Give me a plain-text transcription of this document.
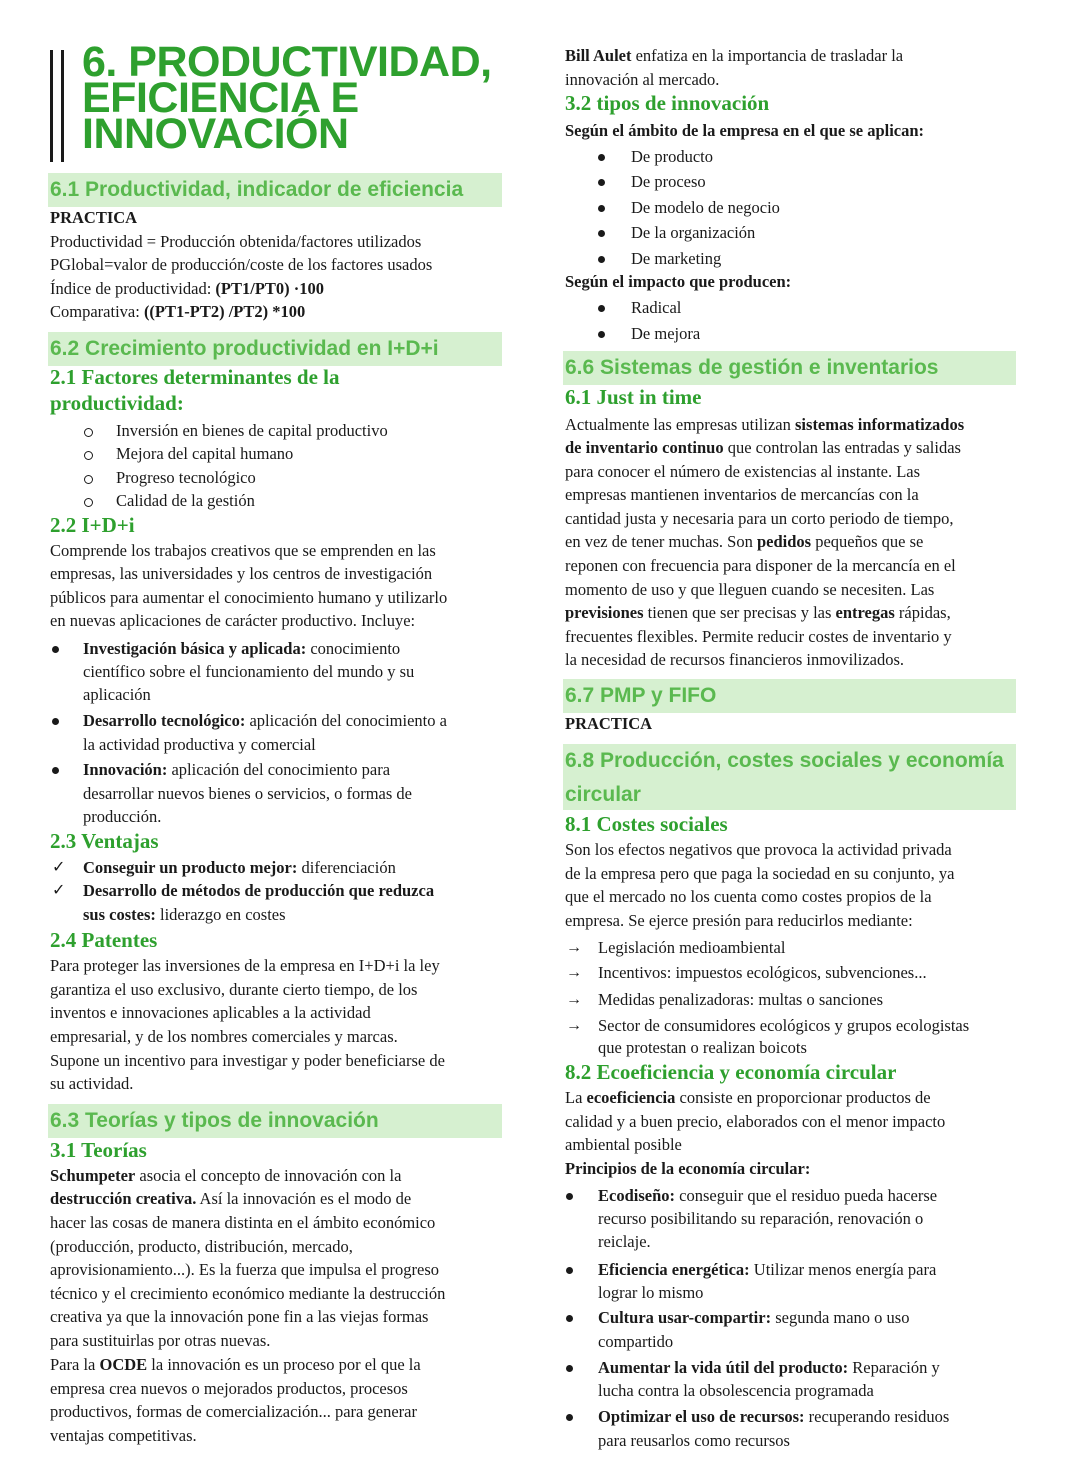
6. PRODUCTIVIDAD,
EFICIENCIA E
INNOVACIÓN
6.1 Productividad, indicador de eficiencia
PRACTICA
Productividad = Producción obtenida/factores utilizados
PGlobal=valor de producción/coste de los factores usados
Índice de productividad: (PT1/PT0) ·100
Comparativa: ((PT1-PT2) /PT2) *100
6.2 Crecimiento productividad en I+D+i
2.1 Factores determinantes de la
productividad:
Inversión en bienes de capital productivo
Mejora del capital humano
Progreso tecnológico
Calidad de la gestión
2.2 I+D+i
Comprende los trabajos creativos que se emprenden en las
empresas, las universidades y los centros de investigación
públicos para aumentar el conocimiento humano y utilizarlo
en nuevas aplicaciones de carácter productivo. Incluye:
Investigación básica y aplicada: conocimiento
científico sobre el funcionamiento del mundo y su
aplicación
Desarrollo tecnológico: aplicación del conocimiento a
la actividad productiva y comercial
Innovación: aplicación del conocimiento para
desarrollar nuevos bienes o servicios, o formas de
producción.
2.3 Ventajas
✓ Conseguir un producto mejor: diferenciación
✓ Desarrollo de métodos de producción que reduzca
sus costes: liderazgo en costes
2.4 Patentes
Para proteger las inversiones de la empresa en I+D+i la ley
garantiza el uso exclusivo, durante cierto tiempo, de los
inventos e innovaciones aplicables a la actividad
empresarial, y de los nombres comerciales y marcas.
Supone un incentivo para investigar y poder beneficiarse de
su actividad.
6.3 Teorías y tipos de innovación
3.1 Teorías
Schumpeter asocia el concepto de innovación con la
destrucción creativa. Así la innovación es el modo de
hacer las cosas de manera distinta en el ámbito económico
(producción, producto, distribución, mercado,
aprovisionamiento...). Es la fuerza que impulsa el progreso
técnico y el crecimiento económico mediante la destrucción
creativa ya que la innovación pone fin a las viejas formas
para sustituirlas por otras nuevas.
Para la OCDE la innovación es un proceso por el que la
empresa crea nuevos o mejorados productos, procesos
productivos, formas de comercialización... para generar
ventajas competitivas.
Bill Aulet enfatiza en la importancia de trasladar la
innovación al mercado.
3.2 tipos de innovación
Según el ámbito de la empresa en el que se aplican:
De producto
De proceso
De modelo de negocio
De la organización
De marketing
Según el impacto que producen:
Radical
De mejora
6.6 Sistemas de gestión e inventarios
6.1 Just in time
Actualmente las empresas utilizan sistemas informatizados
de inventario continuo que controlan las entradas y salidas
para conocer el número de existencias al instante. Las
empresas mantienen inventarios de mercancías con la
cantidad justa y necesaria para un corto periodo de tiempo,
en vez de tener muchas. Son pedidos pequeños que se
reponen con frecuencia para disponer de la mercancía en el
momento de uso y que lleguen cuando se necesiten. Las
previsiones tienen que ser precisas y las entregas rápidas,
frecuentes flexibles. Permite reducir costes de inventario y
la necesidad de recursos financieros inmovilizados.
6.7 PMP y FIFO
PRACTICA
6.8 Producción, costes sociales y economía
circular
8.1 Costes sociales
Son los efectos negativos que provoca la actividad privada
de la empresa pero que paga la sociedad en su conjunto, ya
que el mercado no los cuenta como costes propios de la
empresa. Se ejerce presión para reducirlos mediante:
→ Legislación medioambiental
→ Incentivos: impuestos ecológicos, subvenciones...
→ Medidas penalizadoras: multas o sanciones
→ Sector de consumidores ecológicos y grupos ecologistas
que protestan o realizan boicots
8.2 Ecoeficiencia y economía circular
La ecoeficiencia consiste en proporcionar productos de
calidad y a buen precio, elaborados con el menor impacto
ambiental posible
Principios de la economía circular:
Ecodiseño: conseguir que el residuo pueda hacerse
recurso posibilitando su reparación, renovación o
reiclaje.
Eficiencia energética: Utilizar menos energía para
lograr lo mismo
Cultura usar-compartir: segunda mano o uso
compartido
Aumentar la vida útil del producto: Reparación y
lucha contra la obsolescencia programada
Optimizar el uso de recursos: recuperando residuos
para reusarlos como recursos
